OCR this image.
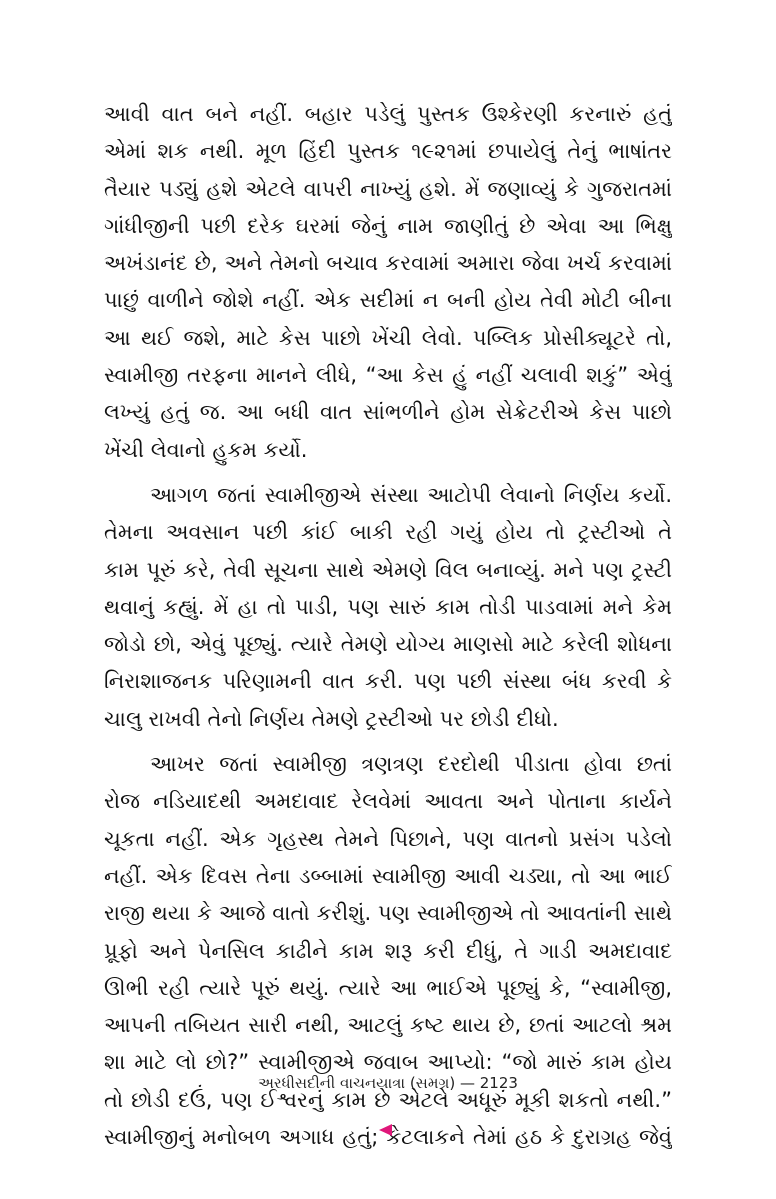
આવી વાત બને નહીં. બહાર પડેલું પુસ્તક ઉશ્કેરણી કરનારું હતું
એમાં શક નથી. મૂળ હિંદી પુસ્તક ૧૯૨૧માં છપાયેલું તેનું ભાષાંતર
તૈયાર પડ્યું હશે એટલે વાપરી નાખ્યું હશે. મેં જણાવ્યું કે ગુજરાતમાં
ગાંધીજીની પછી દરેક ઘરમાં જેનું નામ જાણીતું છે એવા આ ભિક્ષુ
અખંડાનંદ છે, અને તેમનો બચાવ કરવામાં અમારા જેવા ખર્ચ કરવામાં
પાછું વાળીને જોશે નહીં. એક સદીમાં ન બની હોય તેવી મોટી બીના
આ થઈ જશે, માટે કેસ પાછો ખેંચી લેવો. પબ્લિક પ્રોસીક્યૂટરે તો,
સ્વામીજી તરફના માનને લીધે, “આ કેસ હું નહીં ચલાવી શકું” એવું
લખ્યું હતું જ. આ બધી વાત સાંભળીને હોમ સેક્રેટરીએ કેસ પાછો
ખેંચી લેવાનો હુકમ કર્યો.
આગળ જતાં સ્વામીજીએ સંસ્થા આટોપી લેવાનો નિર્ણય કર્યો.
તેમના અવસાન પછી કાંઈ બાકી રહી ગયું હોય તો ટ્રસ્ટીઓ તે
કામ પૂરું કરે, તેવી સૂચના સાથે એમણે વિલ બનાવ્યું. મને પણ ટ્રસ્ટી
થવાનું કહ્યું. મેં હા તો પાડી, પણ સારું કામ તોડી પાડવામાં મને કેમ
જોડો છો, એવું પૂછ્યું. ત્યારે તેમણે યોગ્ય માણસો માટે કરેલી શોધના
નિરાશાજનક પરિણામની વાત કરી. પણ પછી સંસ્થા બંધ કરવી કે
ચાલુ રાખવી તેનો નિર્ણય તેમણે ટ્રસ્ટીઓ પર છોડી દીધો.
આખર જતાં સ્વામીજી ત્રણત્રણ દરદોથી પીડાતા હોવા છતાં
રોજ નડિયાદથી અમદાવાદ રેલવેમાં આવતા અને પોતાના કાર્યને
ચૂકતા નહીં. એક ગૃહસ્થ તેમને પિછાને, પણ વાતનો પ્રસંગ પડેલો
નહીં. એક દિવસ તેના ડબ્બામાં સ્વામીજી આવી ચડ્યા, તો આ ભાઈ
રાજી થયા કે આજે વાતો કરીશું. પણ સ્વામીજીએ તો આવતાંની સાથે
પ્રૂફો અને પેનસિલ કાઢીને કામ શરૂ કરી દીધું, તે ગાડી અમદાવાદ
ઊભી રહી ત્યારે પૂરું થયું. ત્યારે આ ભાઈએ પૂછ્યું કે, “સ્વામીજી,
આપની તબિયત સારી નથી, આટલું કષ્ટ થાય છે, છતાં આટલો શ્રમ
શા માટે લો છો?” સ્વામીજીએ જવાબ આપ્યો: “જો મારું કામ હોય
તો છોડી દઉં, પણ ઈશ્વરનું કામ છે એટલે અધૂરું મૂકી શકતો નથી.”
સ્વામીજીનું મનોબળ અગાધ હતું; કેટલાકને તેમાં હઠ કે દુરાગ્રહ જેવું
અરધીસદીની વાચનયાત્રા (સમગ્ર) — 2123
